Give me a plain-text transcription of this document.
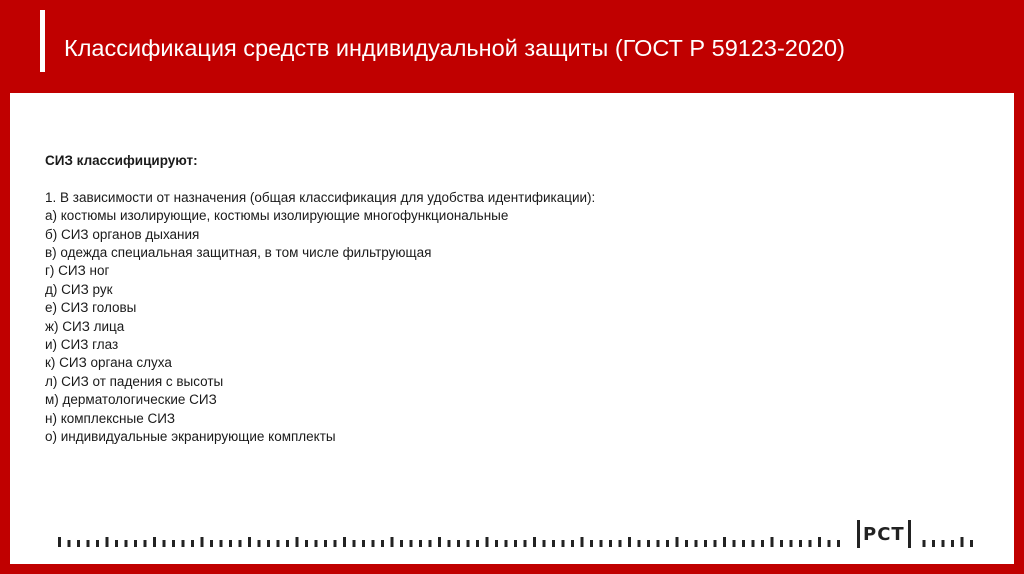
Классификация средств индивидуальной защиты (ГОСТ Р 59123-2020)

СИЗ классифицируют:

1. В зависимости от назначения (общая классификация для удобства идентификации):

а) костюмы изолирующие, костюмы изолирующие многофункциональные

б) СИЗ органов дыхания

в) одежда специальная защитная, в том числе фильтрующая

г) СИЗ ног

д) СИЗ рук

е) СИЗ головы

ж) СИЗ лица

и) СИЗ глаз

к) СИЗ органа слуха

л) СИЗ от падения с высоты

м) дерматологические СИЗ

н) комплексные СИЗ

о) индивидуальные экранирующие комплекты

РСТ
